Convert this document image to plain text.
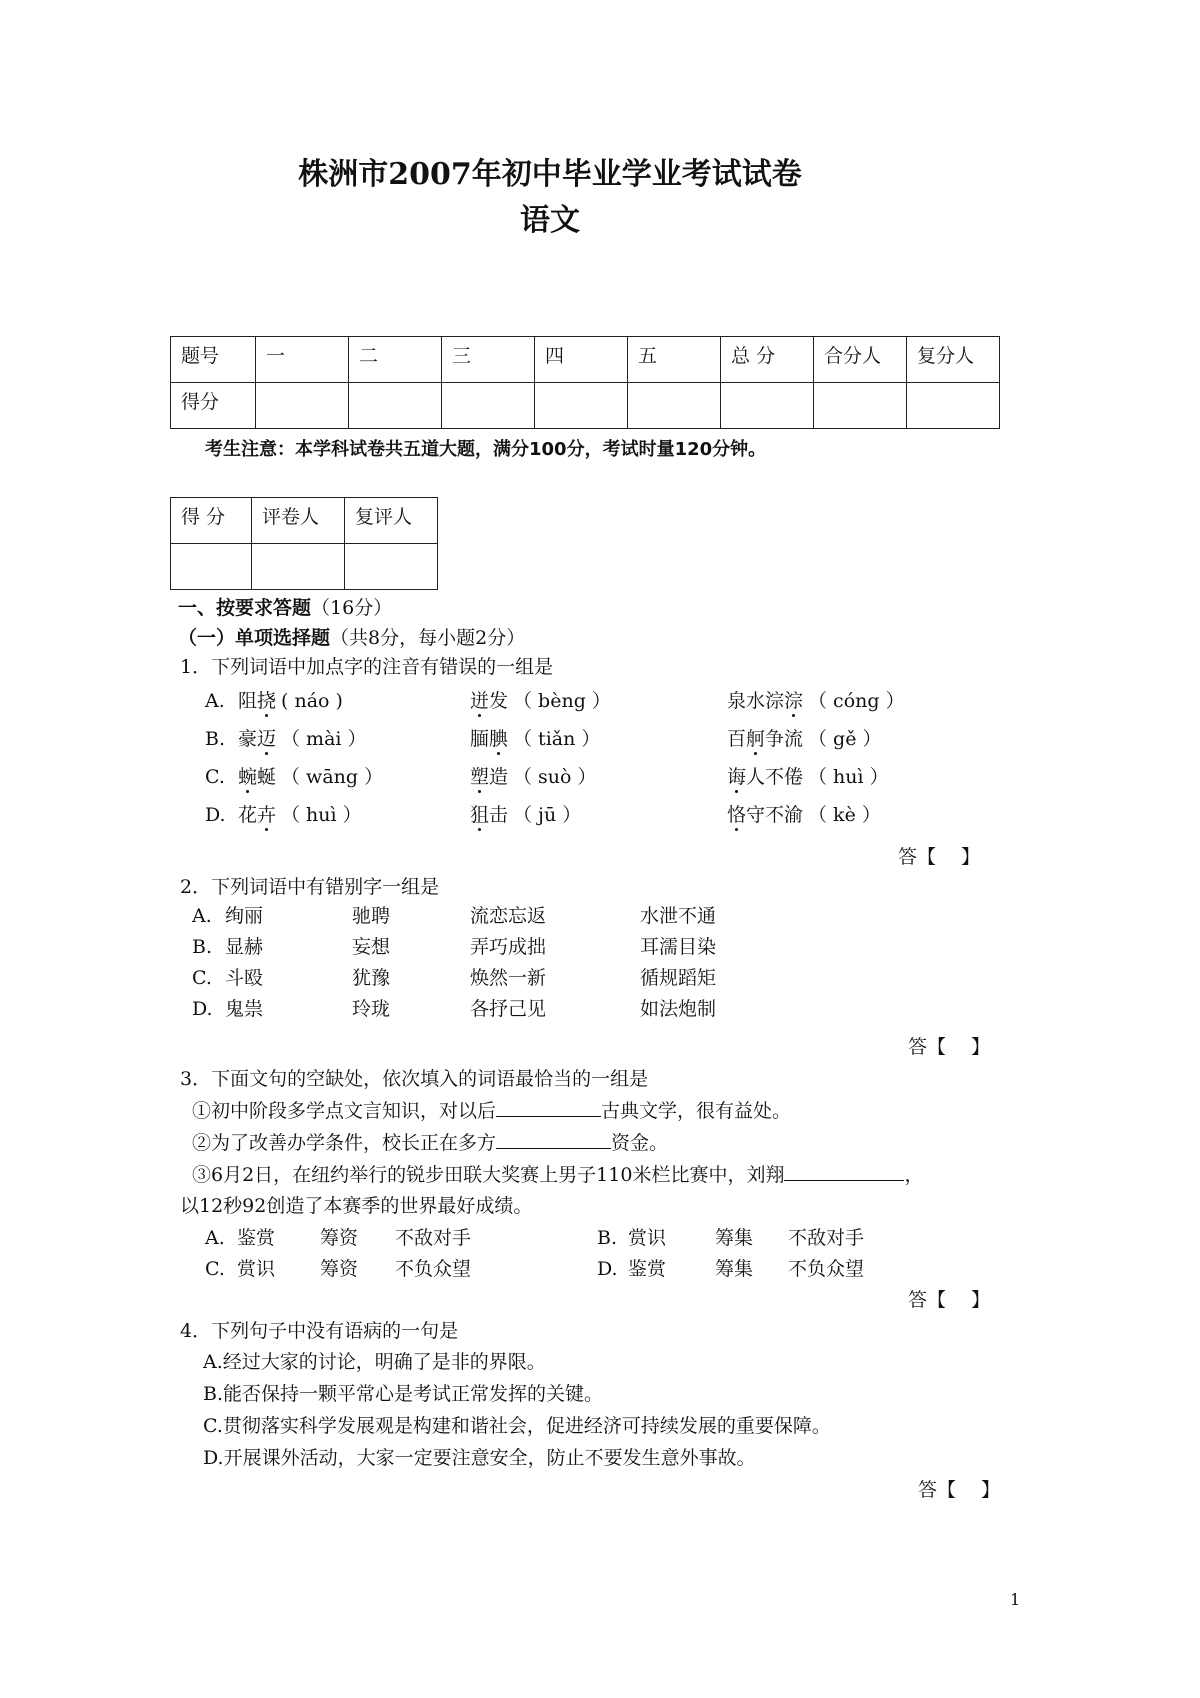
株洲市2007年初中毕业学业考试试卷
语文
题号	一	二	三	四	五	总 分	合分人	复分人
得分								
考生注意：本学科试卷共五道大题，满分100分，考试时量120分钟。
得 分	评卷人	复评人

一、按要求答题（16分）
（一）单项选择题（共8分，每小题2分）
1．下列词语中加点字的注音有错误的一组是
A. 阻挠 ( náo )	迸发 （ bèng ）	泉水淙淙 （ cóng ）
B. 豪迈 （ mài ）	腼腆 （ tiǎn ）	百舸争流 （ gě ）
C. 蜿蜒 （ wāng ）	塑造 （ suò ）	诲人不倦 （ huì ）
D. 花卉 （ huì ）	狙击 （ jū ）	恪守不渝 （ kè ）
答【　 】
2．下列词语中有错别字一组是
A. 绚丽	驰聘	流恋忘返	水泄不通
B. 显赫	妄想	弄巧成拙	耳濡目染
C. 斗殴	犹豫	焕然一新	循规蹈矩
D. 鬼祟	玲珑	各抒己见	如法炮制
答【　 】
3．下面文句的空缺处，依次填入的词语最恰当的一组是
①初中阶段多学点文言知识，对以后	古典文学，很有益处。
②为了改善办学条件，校长正在多方	资金。
③6月2日，在纽约举行的锐步田联大奖赛上男子110米栏比赛中，刘翔	，
以12秒92创造了本赛季的世界最好成绩。
A. 鉴赏 筹资 不敌对手	B. 赏识	筹集 不敌对手
C. 赏识 筹资 不负众望	D. 鉴赏	筹集 不负众望
答【　 】
4．下列句子中没有语病的一句是
A.经过大家的讨论，明确了是非的界限。
B.能否保持一颗平常心是考试正常发挥的关键。
C.贯彻落实科学发展观是构建和谐社会，促进经济可持续发展的重要保障。
D.开展课外活动，大家一定要注意安全，防止不要发生意外事故。
答【　 】
1
